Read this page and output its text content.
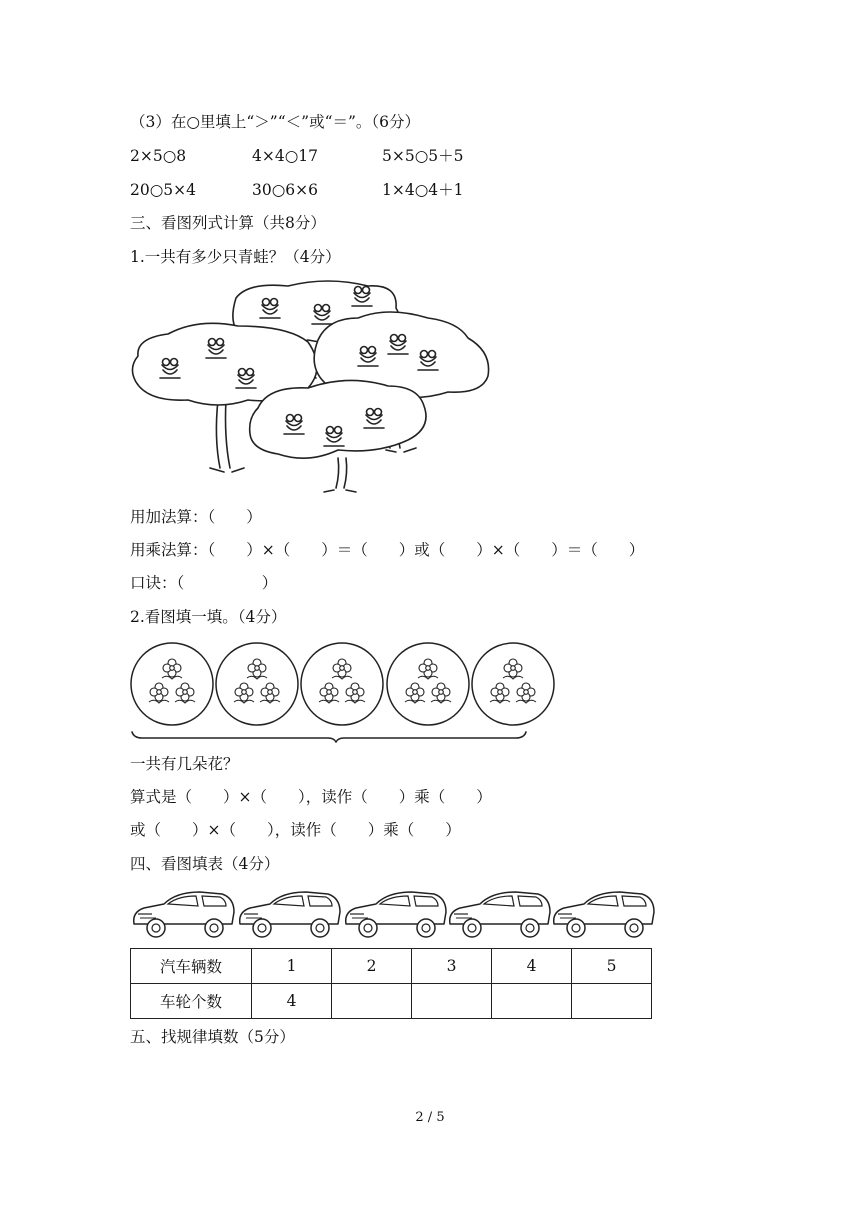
（3）在○里填上“＞”“＜”或“＝”。（6分）
2×5○8	4×4○17	5×5○5＋5
20○5×4	30○6×6	1×4○4＋1
三、看图列式计算（共8分）
1.一共有多少只青蛙？（4分）
用加法算：（　　）
用乘法算：（　　）×（　　）＝（　　）或（　　）×（　　）＝（　　）
口诀：（　　　　　）
2.看图填一填。（4分）
一共有几朵花？
算式是（　　）×（　　），读作（　　）乘（　　）
或（　　）×（　　），读作（　　）乘（　　）
四、看图填表（4分）
汽车辆数	1	2	3	4	5
车轮个数	4				
五、找规律填数（5分）
2 / 5
